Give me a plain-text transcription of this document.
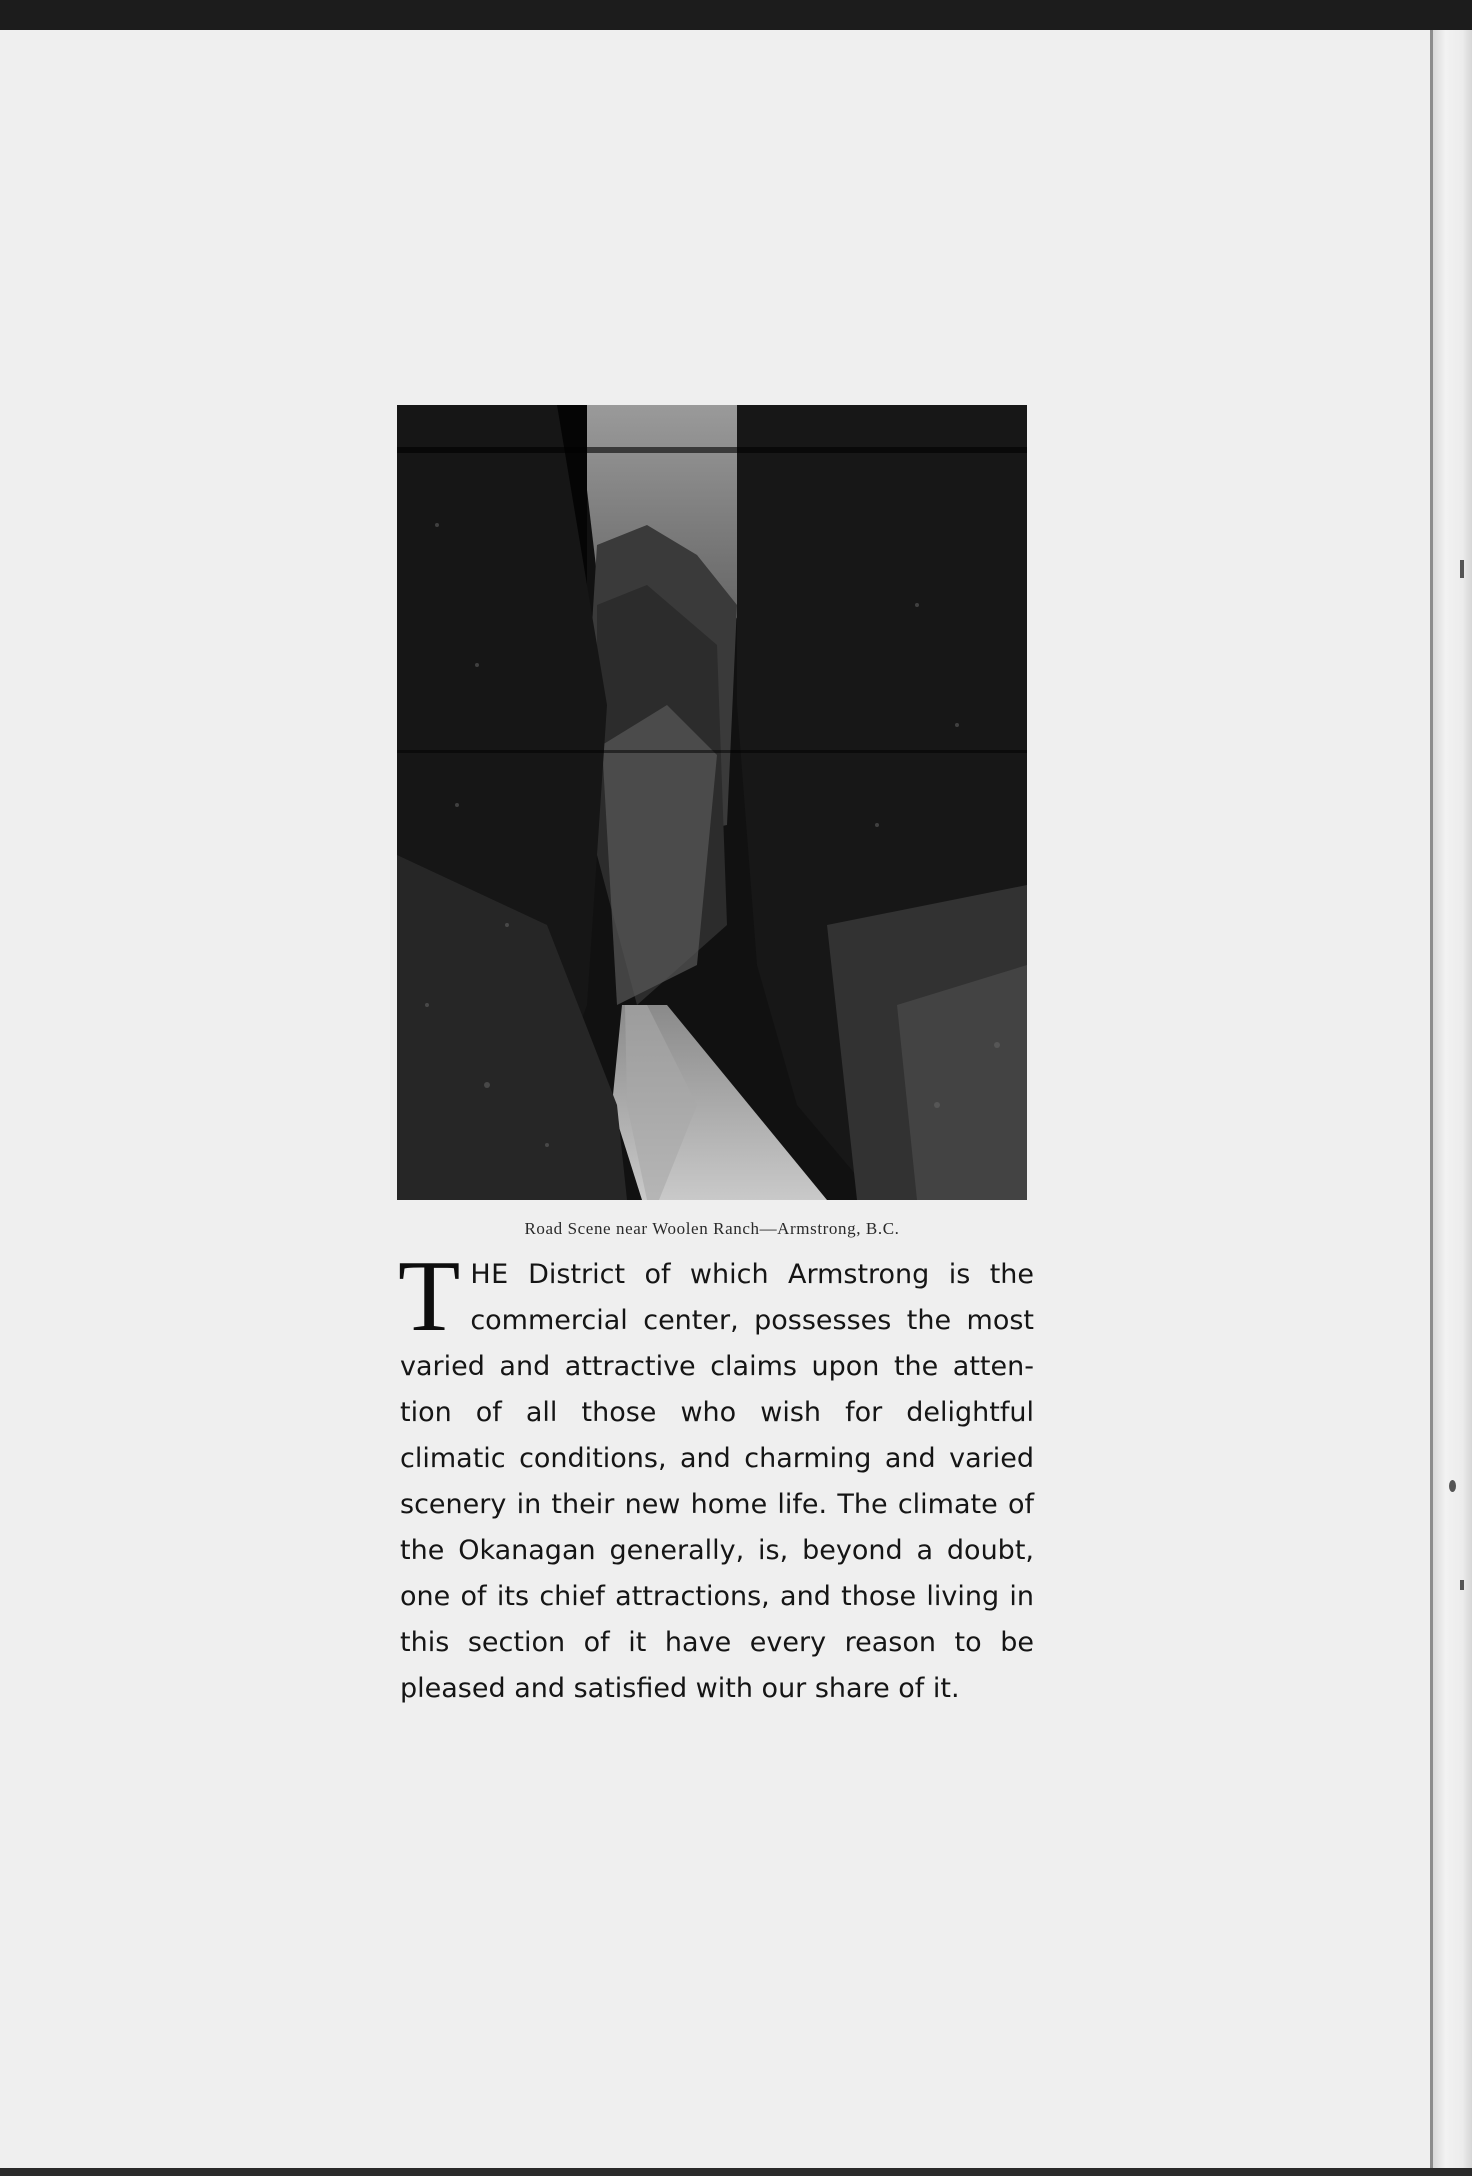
Road Scene near Woolen Ranch—Armstrong, B.C.
THE District of which Armstrong is the commercial center, possesses the most varied and attractive claims upon the attention of all those who wish for delightful climatic conditions, and charming and varied scenery in their new home life. The climate of the Okanagan generally, is, beyond a doubt, one of its chief attractions, and those living in this section of it have every reason to be pleased and satisfied with our share of it.
